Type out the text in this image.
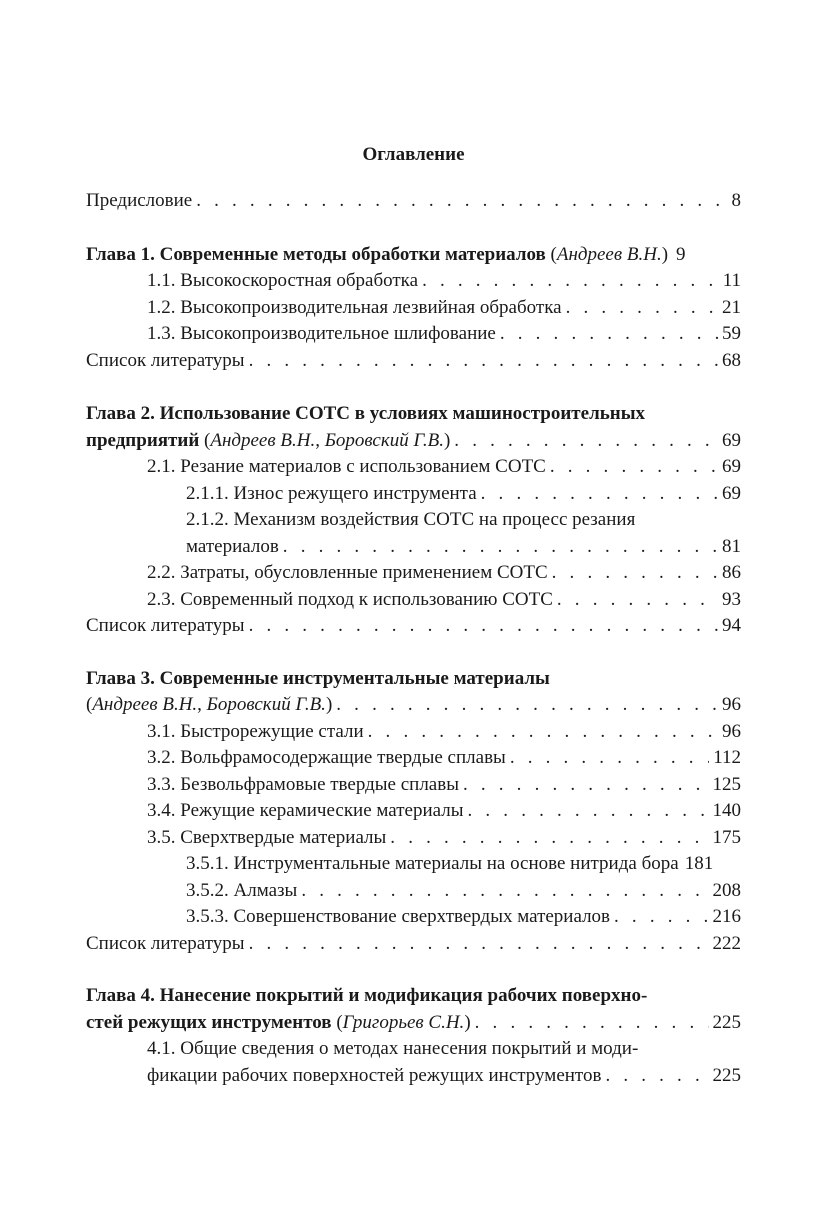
Оглавление
Предисловие . . .	8
Глава 1. Современные методы обработки материалов (Андреев В.Н.) 9
1.1. Высокоскоростная обработка . . .	11
1.2. Высокопроизводительная лезвийная обработка . . .	21
1.3. Высокопроизводительное шлифование . . .	59
Список литературы . . .	68
Глава 2. Использование СОТС в условиях машиностроительных
предприятий (Андреев В.Н., Боровский Г.В.) . . .	69
2.1. Резание материалов с использованием СОТС . . .	69
2.1.1. Износ режущего инструмента . . .	69
2.1.2. Механизм воздействия СОТС на процесс резания
материалов . . .	81
2.2. Затраты, обусловленные применением СОТС . . .	86
2.3. Современный подход к использованию СОТС . . .	93
Список литературы . . .	94
Глава 3. Современные инструментальные материалы
(Андреев В.Н., Боровский Г.В.) . . .	96
3.1. Быстрорежущие стали . . .	96
3.2. Вольфрамосодержащие твердые сплавы . . .	112
3.3. Безвольфрамовые твердые сплавы . . .	125
3.4. Режущие керамические материалы . . .	140
3.5. Сверхтвердые материалы . . .	175
3.5.1. Инструментальные материалы на основе нитрида бора 181
3.5.2. Алмазы . . .	208
3.5.3. Совершенствование сверхтвердых материалов . . .	216
Список литературы . . .	222
Глава 4. Нанесение покрытий и модификация рабочих поверхно-
стей режущих инструментов (Григорьев С.Н.) . . .	225
4.1. Общие сведения о методах нанесения покрытий и моди-
фикации рабочих поверхностей режущих инструментов . . .	225
